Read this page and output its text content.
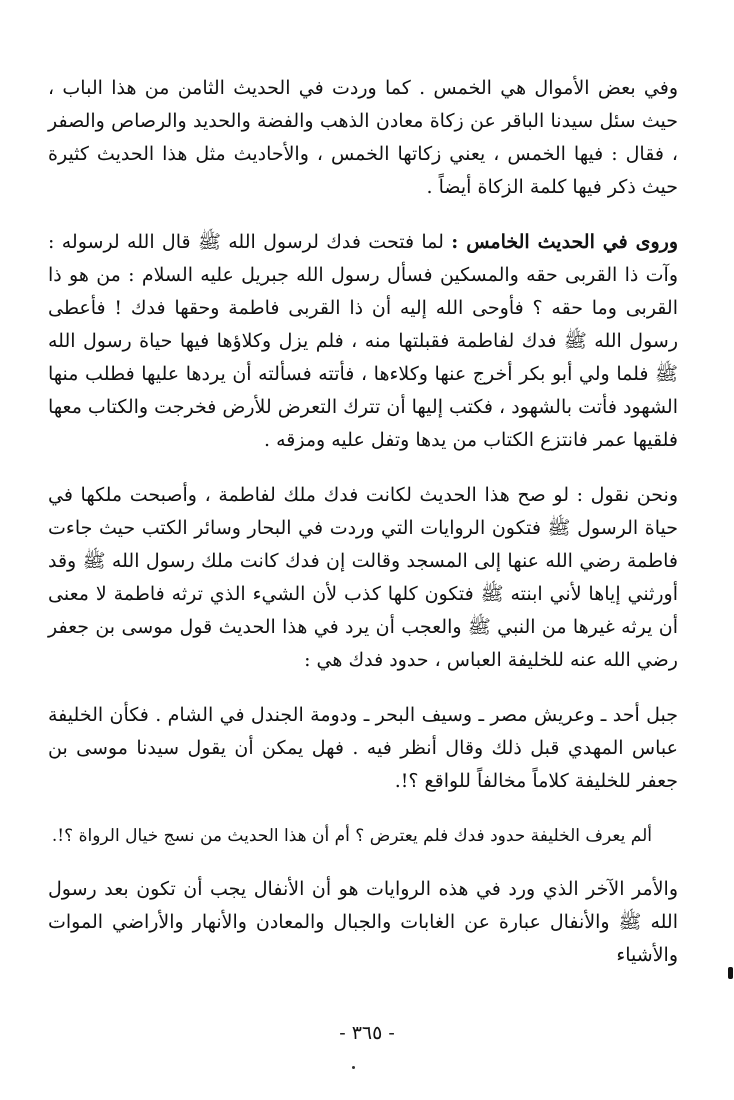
وفي بعض الأموال هي الخمس . كما وردت في الحديث الثامن من هذا الباب ، حيث سئل سيدنا الباقر عن زكاة معادن الذهب والفضة والحديد والرصاص والصفر ، فقال : فيها الخمس ، يعني زكاتها الخمس ، والأحاديث مثل هذا الحديث كثيرة حيث ذكر فيها كلمة الزكاة أيضاً .

وروى في الحديث الخامس : لما فتحت فدك لرسول الله ﷺ قال الله لرسوله : وآت ذا القربى حقه والمسكين فسأل رسول الله جبريل عليه السلام : من هو ذا القربى وما حقه ؟ فأوحى الله إليه أن ذا القربى فاطمة وحقها فدك ! فأعطى رسول الله ﷺ فدك لفاطمة فقبلتها منه ، فلم يزل وكلاؤها فيها حياة رسول الله ﷺ فلما ولي أبو بكر أخرج عنها وكلاءها ، فأتته فسألته أن يردها عليها فطلب منها الشهود فأتت بالشهود ، فكتب إليها أن تترك التعرض للأرض فخرجت والكتاب معها فلقيها عمر فانتزع الكتاب من يدها وتفل عليه ومزقه .

ونحن نقول : لو صح هذا الحديث لكانت فدك ملك لفاطمة ، وأصبحت ملكها في حياة الرسول ﷺ فتكون الروايات التي وردت في البحار وسائر الكتب حيث جاءت فاطمة رضي الله عنها إلى المسجد وقالت إن فدك كانت ملك رسول الله ﷺ وقد أورثني إياها لأني ابنته ﷺ فتكون كلها كذب لأن الشيء الذي ترثه فاطمة لا معنى أن يرثه غيرها من النبي ﷺ والعجب أن يرد في هذا الحديث قول موسى بن جعفر رضي الله عنه للخليفة العباس ، حدود فدك هي :

جبل أحد ـ وعريش مصر ـ وسيف البحر ـ ودومة الجندل في الشام . فكأن الخليفة عباس المهدي قبل ذلك وقال أنظر فيه . فهل يمكن أن يقول سيدنا موسى بن جعفر للخليفة كلاماً مخالفاً للواقع ؟!.

ألم يعرف الخليفة حدود فدك فلم يعترض ؟ أم أن هذا الحديث من نسج خيال الرواة ؟!.

والأمر الآخر الذي ورد في هذه الروايات هو أن الأنفال يجب أن تكون بعد رسول الله ﷺ والأنفال عبارة عن الغابات والجبال والمعادن والأنهار والأراضي الموات والأشياء

- ٣٦٥ -
